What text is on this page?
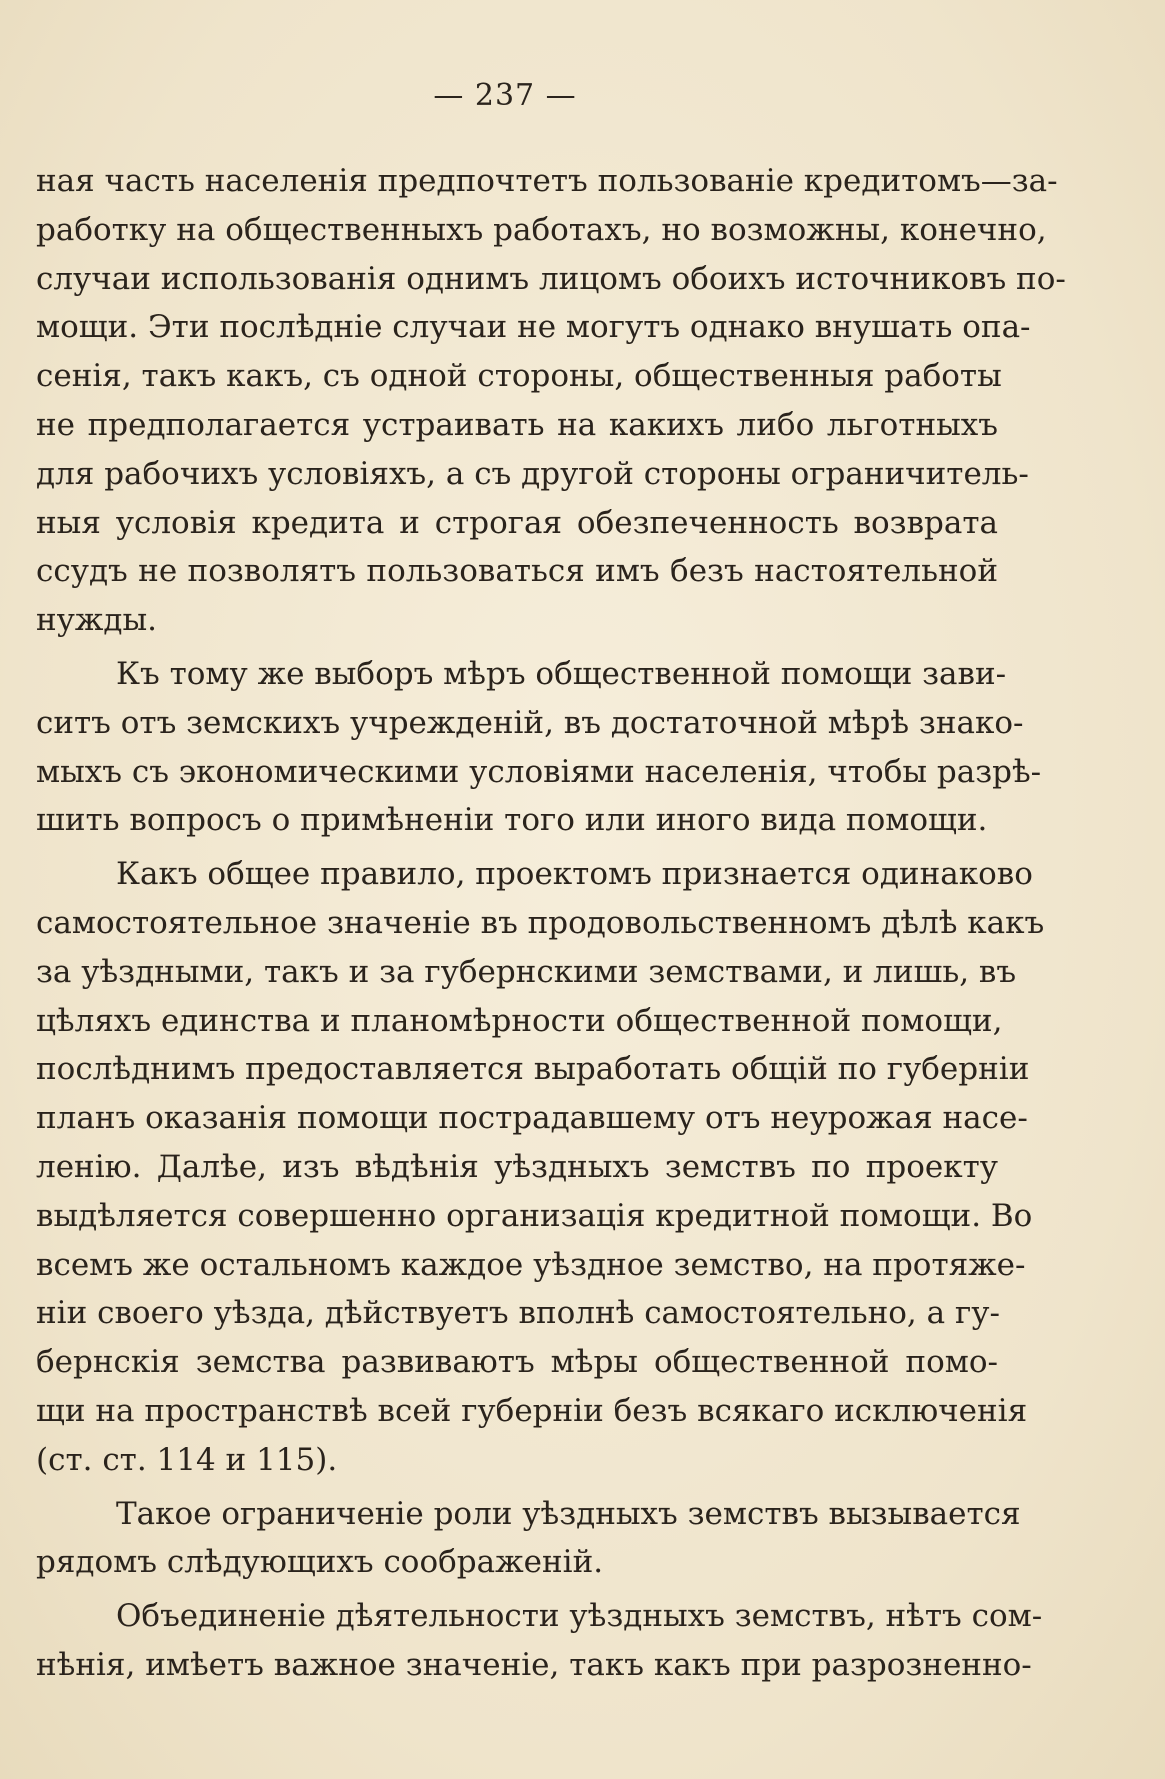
— 237 —
ная часть населенія предпочтетъ пользованіе кредитомъ—за-
работку на общественныхъ работахъ, но возможны, конечно,
случаи использованія однимъ лицомъ обоихъ источниковъ по-
мощи. Эти послѣдніе случаи не могутъ однако внушать опа-
сенія, такъ какъ, съ одной стороны, общественныя работы
не предполагается устраивать на какихъ либо льготныхъ
для рабочихъ условіяхъ, а съ другой стороны ограничитель-
ныя условія кредита и строгая обезпеченность возврата
ссудъ не позволятъ пользоваться имъ безъ настоятельной
нужды.
Къ тому же выборъ мѣръ общественной помощи зави-
ситъ отъ земскихъ учрежденій, въ достаточной мѣрѣ знако-
мыхъ съ экономическими условіями населенія, чтобы разрѣ-
шить вопросъ о примѣненіи того или иного вида помощи.
Какъ общее правило, проектомъ признается одинаково
самостоятельное значеніе въ продовольственномъ дѣлѣ какъ
за уѣздными, такъ и за губернскими земствами, и лишь, въ
цѣляхъ единства и планомѣрности общественной помощи,
послѣднимъ предоставляется выработать общій по губерніи
планъ оказанія помощи пострадавшему отъ неурожая насе-
ленію. Далѣе, изъ вѣдѣнія уѣздныхъ земствъ по проекту
выдѣляется совершенно организація кредитной помощи. Во
всемъ же остальномъ каждое уѣздное земство, на протяже-
ніи своего уѣзда, дѣйствуетъ вполнѣ самостоятельно, а гу-
бернскія земства развиваютъ мѣры общественной помо-
щи на пространствѣ всей губерніи безъ всякаго исключенія
(ст. ст. 114 и 115).
Такое ограниченіе роли уѣздныхъ земствъ вызывается
рядомъ слѣдующихъ соображеній.
Объединеніе дѣятельности уѣздныхъ земствъ, нѣтъ сом-
нѣнія, имѣетъ важное значеніе, такъ какъ при разрозненно-
